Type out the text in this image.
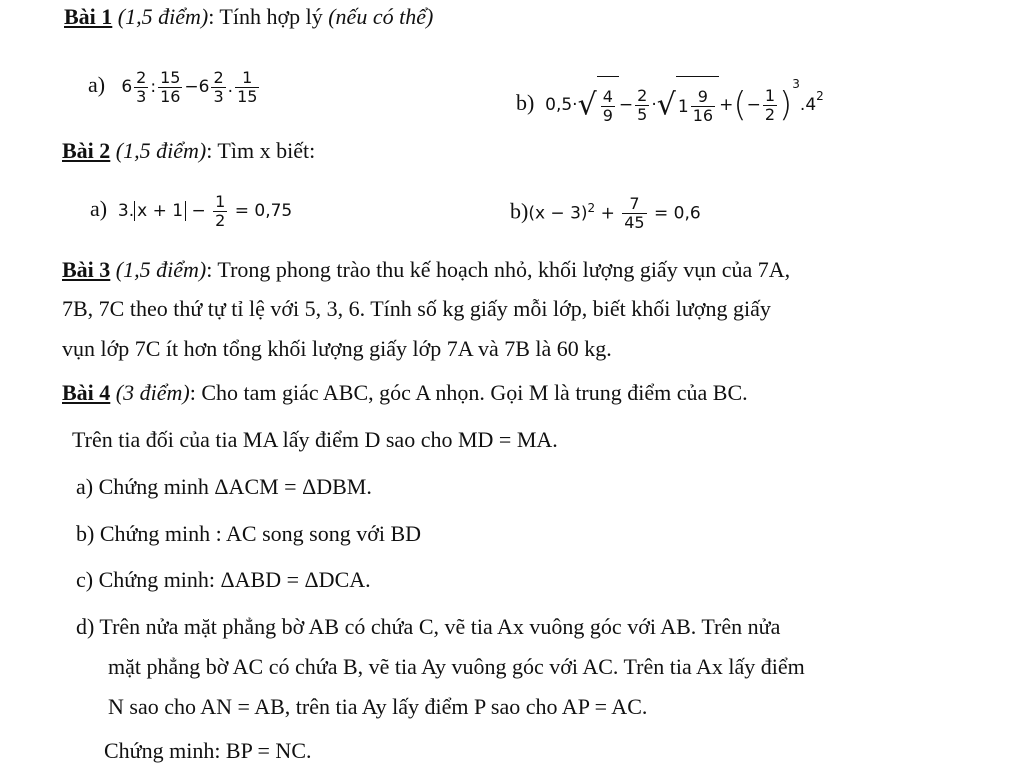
Bài 1 (1,5 điểm): Tính hợp lý (nếu có thể)
a) $6 \frac{2}{3}$ : $\frac{15}{16} -6 \frac{2}{3}$ . $\frac{1}{15}$	b) $0,5\cdot√ \frac{4}{9} - \frac{2}{5}$ ·√ $1 \frac{9}{16}$ +(− $\frac{1}{2} )^3.4^2$
Bài 2 (1,5 điểm): Tìm x biết:
a) 3. $x + 1 - \frac{1}{2} = 0,75$	$b)(x - 3)^2 + \frac{7}{45} = 0,6$
Bài 3 (1,5 điểm): Trong phong trào thu kế hoạch nhỏ, khối lượng giấy vụn của 7A,
7B, 7C theo thứ tự tỉ lệ với 5, 3, 6. Tính số kg giấy mỗi lớp, biết khối lượng giấy
vụn lớp 7C ít hơn tổng khối lượng giấy lớp 7A và 7B là 60 kg.
Bài 4 (3 điểm): Cho tam giác ABC, góc A nhọn. Gọi M là trung điểm của BC.
Trên tia đối của tia MA lấy điểm D sao cho MD = MA.
a) Chứng minh ΔACM = ΔDBM.
b) Chứng minh : AC song song với BD
c) Chứng minh: ΔABD = ΔDCA.
d) Trên nửa mặt phẳng bờ AB có chứa C, vẽ tia Ax vuông góc với AB. Trên nửa
mặt phẳng bờ AC có chứa B, vẽ tia Ay vuông góc với AC. Trên tia Ax lấy điểm
N sao cho AN = AB, trên tia Ay lấy điểm P sao cho AP = AC.
Chứng minh: BP = NC.
